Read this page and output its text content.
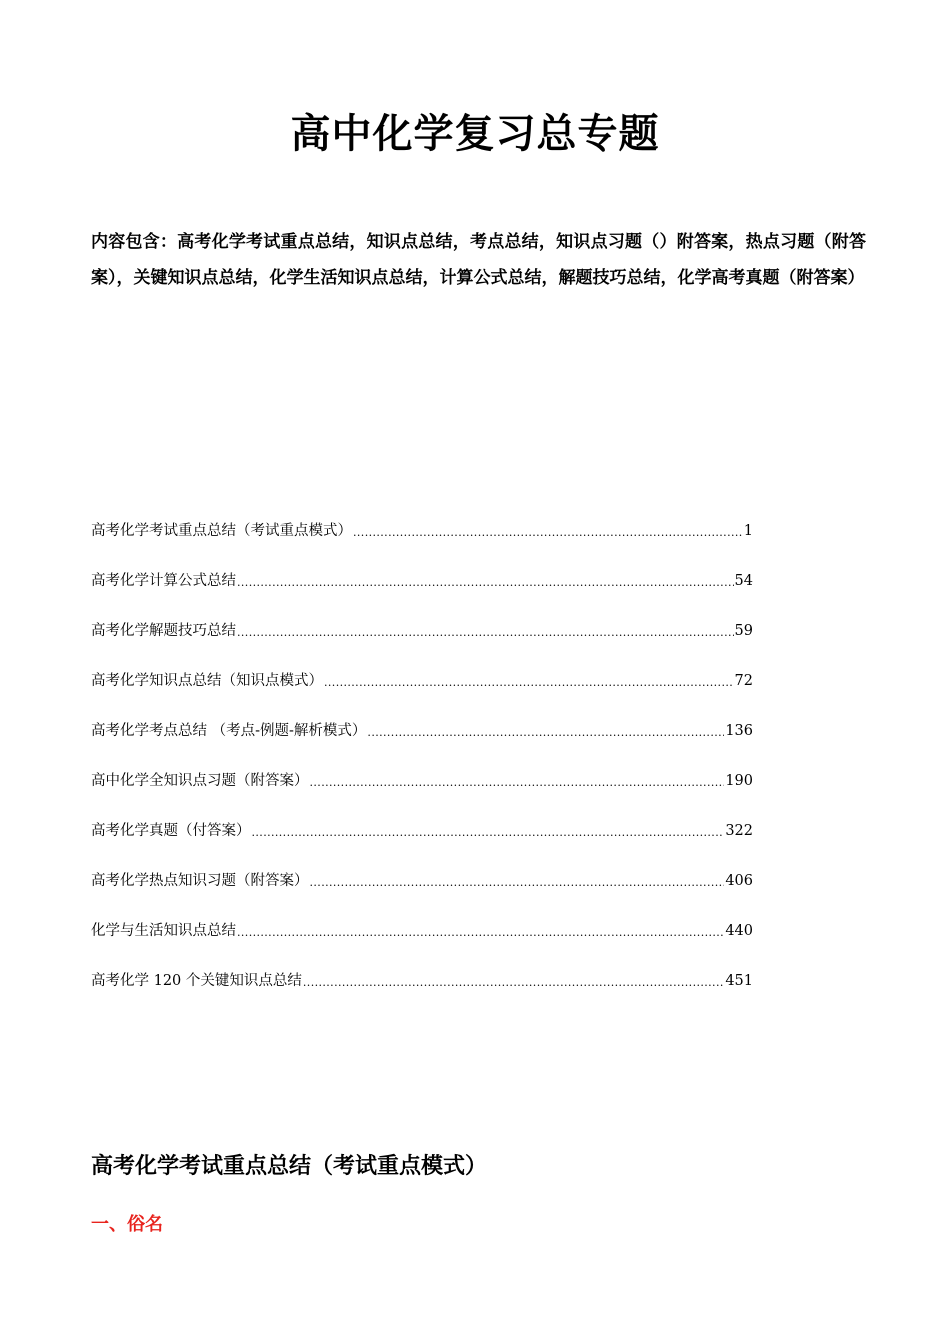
高中化学复习总专题
内容包含：高考化学考试重点总结，知识点总结，考点总结，知识点习题（）附答案，热点习题（附答案），关键知识点总结，化学生活知识点总结，计算公式总结，解题技巧总结，化学高考真题（附答案）
高考化学考试重点总结（考试重点模式） .....	1
高考化学计算公式总结 .....	54
高考化学解题技巧总结 .....	59
高考化学知识点总结（知识点模式） .....	72
高考化学考点总结 （考点-例题-解析模式） .....	136
高中化学全知识点习题（附答案） .....	190
高考化学真题（付答案） .....	322
高考化学热点知识习题（附答案） .....	406
化学与生活知识点总结 .....	440
高考化学 120 个关键知识点总结 .....	451
高考化学考试重点总结（考试重点模式）
一、俗名
